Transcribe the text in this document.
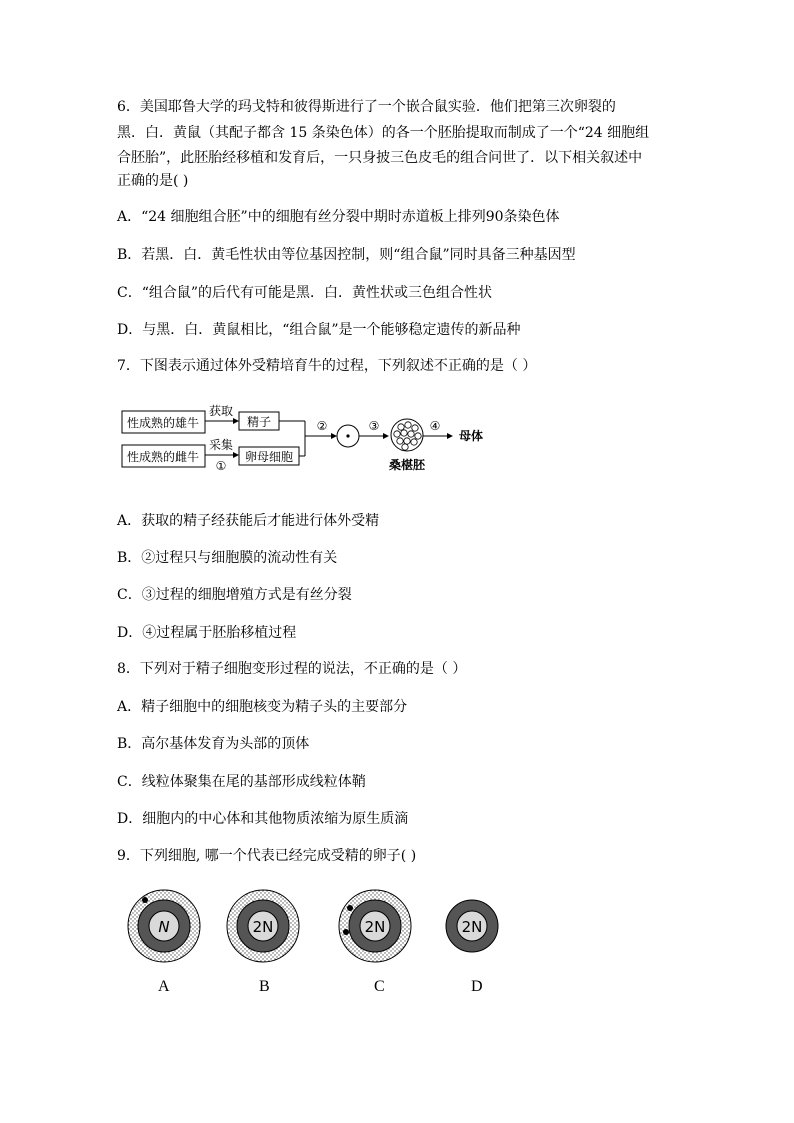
6．美国耶鲁大学的玛戈特和彼得斯进行了一个嵌合鼠实验．他们把第三次卵裂的
黑．白．黄鼠（其配子都含 15 条染色体）的各一个胚胎提取而制成了一个“24 细胞组
合胚胎”，此胚胎经移植和发育后，一只身披三色皮毛的组合问世了．以下相关叙述中
正确的是( )
A．“24 细胞组合胚”中的细胞有丝分裂中期时赤道板上排列90条染色体
B．若黑．白．黄毛性状由等位基因控制，则“组合鼠”同时具备三种基因型
C．“组合鼠”的后代有可能是黑．白．黄性状或三色组合性状
D．与黑．白．黄鼠相比，“组合鼠”是一个能够稳定遗传的新品种
7．下图表示通过体外受精培育牛的过程，下列叙述不正确的是（ ）
性成熟的雄牛
性成熟的雌牛
获取
采集
①
精子
卵母细胞
②	③
桑椹胚
④
母体
A．获取的精子经获能后才能进行体外受精
B．②过程只与细胞膜的流动性有关
C．③过程的细胞增殖方式是有丝分裂
D．④过程属于胚胎移植过程
8．下列对于精子细胞变形过程的说法，不正确的是（ ）
A．精子细胞中的细胞核变为精子头的主要部分
B．高尔基体发育为头部的顶体
C．线粒体聚集在尾的基部形成线粒体鞘
D．细胞内的中心体和其他物质浓缩为原生质滴
9．下列细胞, 哪一个代表已经完成受精的卵子( )
N	2N	2N	2N
A	B	C	D
